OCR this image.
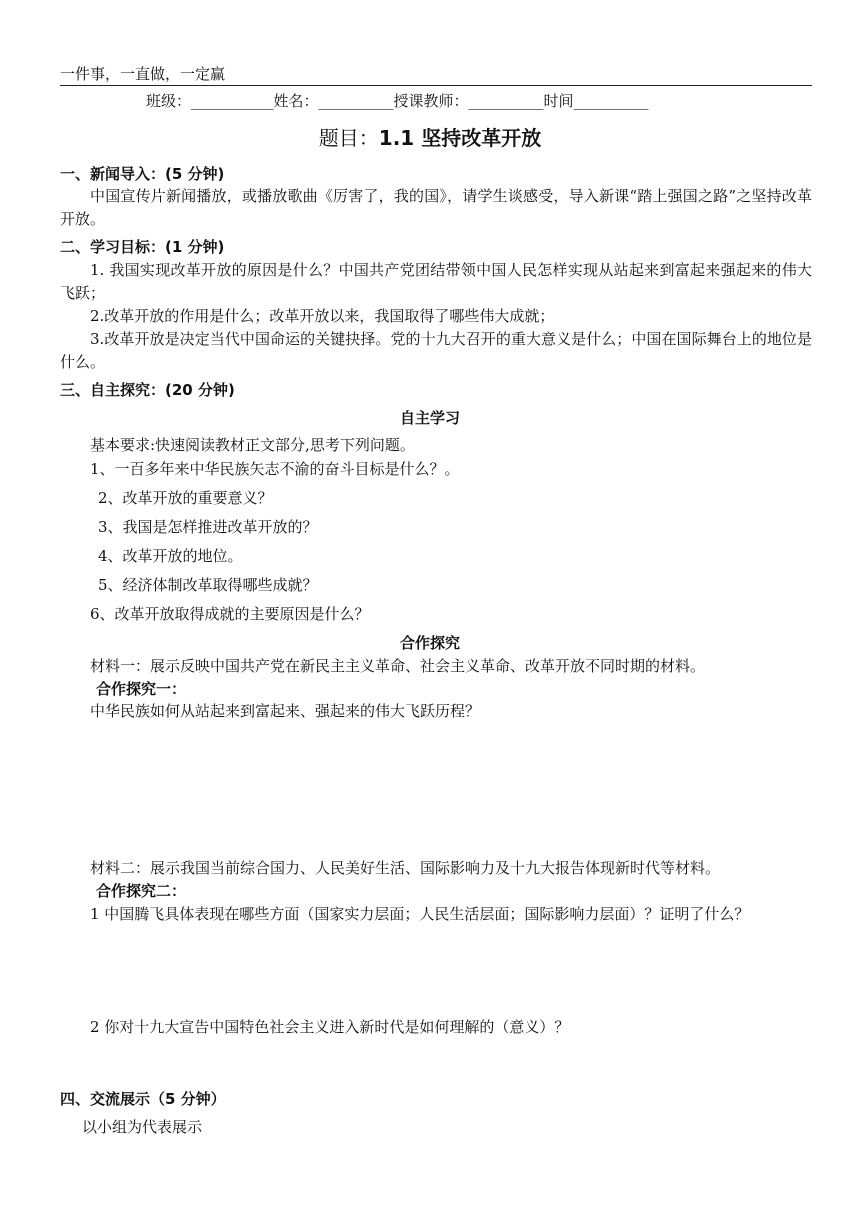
一件事，一直做，一定赢
班级：___________姓名：__________授课教师：__________时间__________
题目：1.1 坚持改革开放
一、新闻导入：(5 分钟)
中国宣传片新闻播放，或播放歌曲《厉害了，我的国》，请学生谈感受，导入新课“踏上强国之路”之坚持改革开放。
二、学习目标：(1 分钟)
1. 我国实现改革开放的原因是什么？中国共产党团结带领中国人民怎样实现从站起来到富起来强起来的伟大飞跃；
2.改革开放的作用是什么；改革开放以来，我国取得了哪些伟大成就；
3.改革开放是决定当代中国命运的关键抉择。党的十九大召开的重大意义是什么；中国在国际舞台上的地位是什么。
三、自主探究：(20 分钟)
自主学习
基本要求:快速阅读教材正文部分,思考下列问题。
1、一百多年来中华民族矢志不渝的奋斗目标是什么？。
2、改革开放的重要意义？
3、我国是怎样推进改革开放的？
4、改革开放的地位。
5、经济体制改革取得哪些成就？
6、改革开放取得成就的主要原因是什么？
合作探究
材料一：展示反映中国共产党在新民主主义革命、社会主义革命、改革开放不同时期的材料。
合作探究一：
中华民族如何从站起来到富起来、强起来的伟大飞跃历程？
材料二：展示我国当前综合国力、人民美好生活、国际影响力及十九大报告体现新时代等材料。
合作探究二：
1 中国腾飞具体表现在哪些方面（国家实力层面；人民生活层面；国际影响力层面）？证明了什么？
2 你对十九大宣告中国特色社会主义进入新时代是如何理解的（意义）？
四、交流展示（5 分钟）
以小组为代表展示
